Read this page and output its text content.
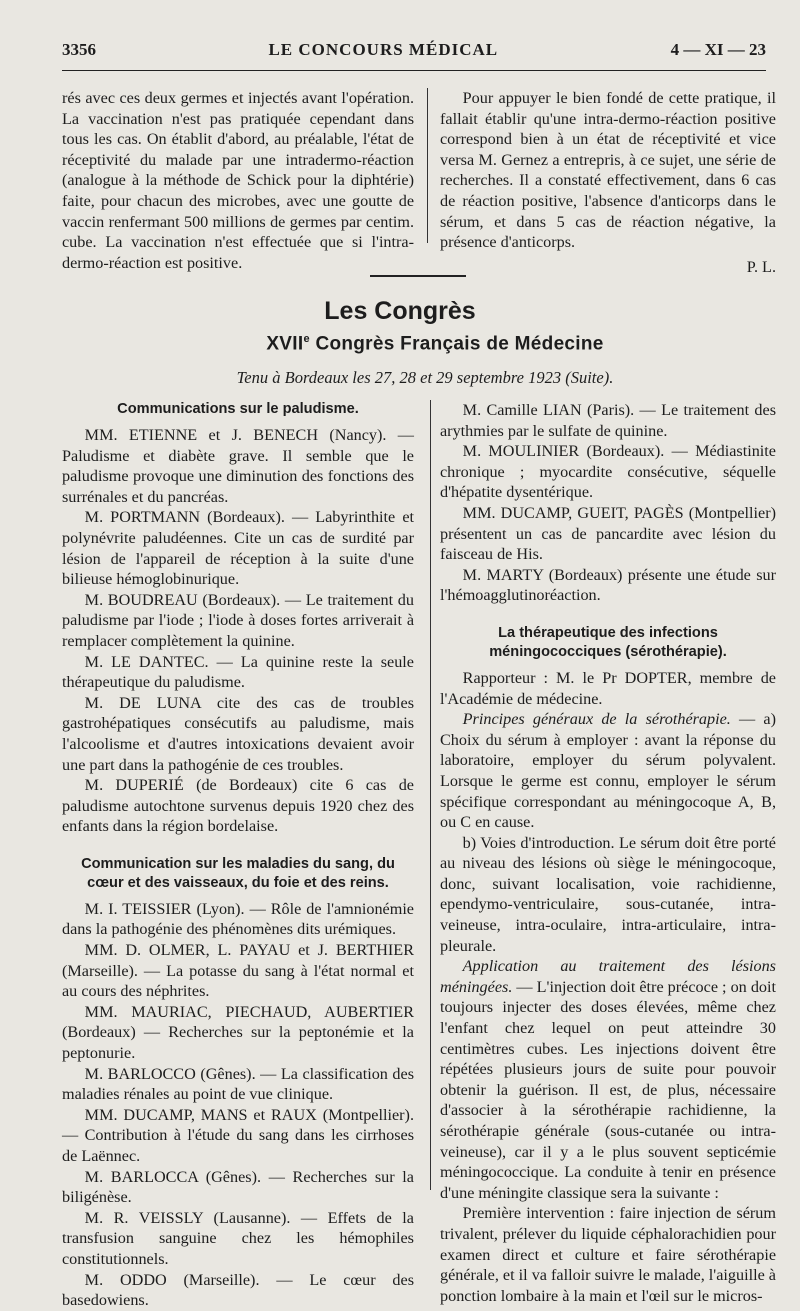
3356	LE CONCOURS MÉDICAL	4 — XI — 23

rés avec ces deux germes et injectés avant l'opération. La vaccination n'est pas pratiquée cependant dans tous les cas. On établit d'abord, au préalable, l'état de réceptivité du malade par une intradermo-réaction (analogue à la méthode de Schick pour la diphtérie) faite, pour chacun des microbes, avec une goutte de vaccin renfermant 500 millions de germes par centim. cube. La vaccination n'est effectuée que si l'intra-dermo-réaction est positive.

Pour appuyer le bien fondé de cette pratique, il fallait établir qu'une intra-dermo-réaction positive correspond bien à un état de réceptivité et vice versa M. Gernez a entrepris, à ce sujet, une série de recherches. Il a constaté effectivement, dans 6 cas de réaction positive, l'absence d'anticorps dans le sérum, et dans 5 cas de réaction négative, la présence d'anticorps.

P. L.

Les Congrès
XVIIe Congrès Français de Médecine
Tenu à Bordeaux les 27, 28 et 29 septembre 1923 (Suite).
Communications sur le paludisme.

MM. ETIENNE et J. BENECH (Nancy). — Paludisme et diabète grave. Il semble que le paludisme provoque une diminution des fonctions des surrénales et du pancréas.

M. PORTMANN (Bordeaux). — Labyrinthite et polynévrite paludéennes. Cite un cas de surdité par lésion de l'appareil de réception à la suite d'une bilieuse hémoglobinurique.

M. BOUDREAU (Bordeaux). — Le traitement du paludisme par l'iode ; l'iode à doses fortes arriverait à remplacer complètement la quinine.

M. LE DANTEC. — La quinine reste la seule thérapeutique du paludisme.

M. DE LUNA cite des cas de troubles gastrohépatiques consécutifs au paludisme, mais l'alcoolisme et d'autres intoxications devaient avoir une part dans la pathogénie de ces troubles.

M. DUPERIÉ (de Bordeaux) cite 6 cas de paludisme autochtone survenus depuis 1920 chez des enfants dans la région bordelaise.

Communication sur les maladies du sang, du cœur et des vaisseaux, du foie et des reins.

M. I. TEISSIER (Lyon). — Rôle de l'amnionémie dans la pathogénie des phénomènes dits urémiques.

MM. D. OLMER, L. PAYAU et J. BERTHIER (Marseille). — La potasse du sang à l'état normal et au cours des néphrites.

MM. MAURIAC, PIECHAUD, AUBERTIER (Bordeaux) — Recherches sur la peptonémie et la peptonurie.

M. BARLOCCO (Gênes). — La classification des maladies rénales au point de vue clinique.

MM. DUCAMP, MANS et RAUX (Montpellier). — Contribution à l'étude du sang dans les cirrhoses de Laënnec.

M. BARLOCCA (Gênes). — Recherches sur la biligénèse.

M. R. VEISSLY (Lausanne). — Effets de la transfusion sanguine chez les hémophiles constitutionnels.

M. ODDO (Marseille). — Le cœur des basedowiens.

M. Camille LIAN (Paris). — Le traitement des arythmies par le sulfate de quinine.

M. MOULINIER (Bordeaux). — Médiastinite chronique ; myocardite consécutive, séquelle d'hépatite dysentérique.

MM. DUCAMP, GUEIT, PAGÈS (Montpellier) présentent un cas de pancardite avec lésion du faisceau de His.

M. MARTY (Bordeaux) présente une étude sur l'hémoagglutinoréaction.

La thérapeutique des infections méningococciques (sérothérapie).

Rapporteur : M. le Pr DOPTER, membre de l'Académie de médecine.

Principes généraux de la sérothérapie. — a) Choix du sérum à employer : avant la réponse du laboratoire, employer du sérum polyvalent. Lorsque le germe est connu, employer le sérum spécifique correspondant au méningocoque A, B, ou C en cause.

b) Voies d'introduction. Le sérum doit être porté au niveau des lésions où siège le méningocoque, donc, suivant localisation, voie rachidienne, ependymo-ventriculaire, sous-cutanée, intra-veineuse, intra-oculaire, intra-articulaire, intra-pleurale.

Application au traitement des lésions méningées. — L'injection doit être précoce ; on doit toujours injecter des doses élevées, même chez l'enfant chez lequel on peut atteindre 30 centimètres cubes. Les injections doivent être répétées plusieurs jours de suite pour pouvoir obtenir la guérison. Il est, de plus, nécessaire d'associer à la sérothérapie rachidienne, la sérothérapie générale (sous-cutanée ou intra-veineuse), car il y a le plus souvent septicémie méningococcique. La conduite à tenir en présence d'une méningite classique sera la suivante :

Première intervention : faire injection de sérum trivalent, prélever du liquide céphalorachidien pour examen direct et culture et faire sérothérapie générale, et il va falloir suivre le malade, l'aiguille à ponction lombaire à la main et l'œil sur le micros-
